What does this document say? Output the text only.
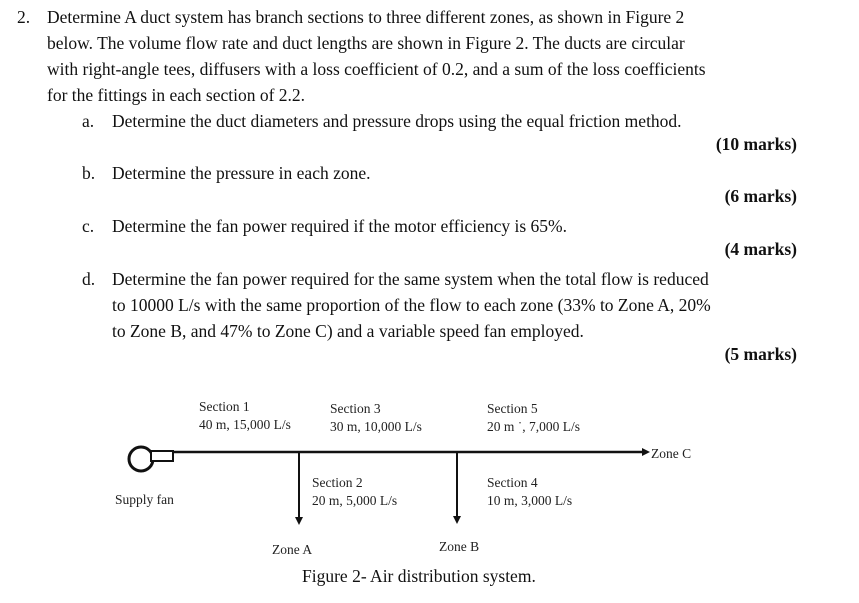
2. Determine A duct system has branch sections to three different zones, as shown in Figure 2
below. The volume flow rate and duct lengths are shown in Figure 2. The ducts are circular
with right-angle tees, diffusers with a loss coefficient of 0.2, and a sum of the loss coefficients
for the fittings in each section of 2.2.
a. Determine the duct diameters and pressure drops using the equal friction method.
(10 marks)
b. Determine the pressure in each zone.
(6 marks)
c. Determine the fan power required if the motor efficiency is 65%.
(4 marks)
d. Determine the fan power required for the same system when the total flow is reduced
to 10000 L/s with the same proportion of the flow to each zone (33% to Zone A, 20%
to Zone B, and 47% to Zone C) and a variable speed fan employed.
(5 marks)
Section 1
40 m, 15,000 L/s
Section 3
30 m, 10,000 L/s
Section 5
20 m ˙, 7,000 L/s
Zone C
Section 2
20 m, 5,000 L/s
Section 4
10 m, 3,000 L/s
Supply fan
Zone A	Zone B
Figure 2- Air distribution system.
